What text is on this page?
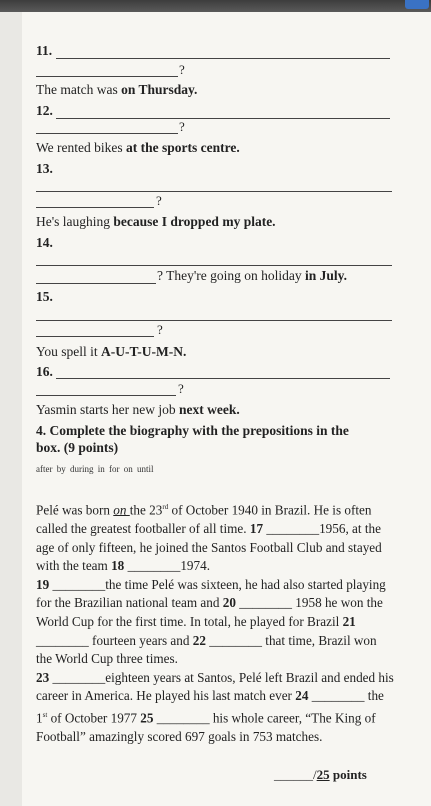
11.
?
The match was on Thursday.
12.
?
We rented bikes at the sports centre.
13.
?
He's laughing because I dropped my plate.
14.
? They're going on holiday in July.
15.
?
You spell it A-U-T-U-M-N.
16.
?
Yasmin starts her new job next week.
4. Complete the biography with the prepositions in the
box. (9 points)
after by during in for on until

Pelé was born on the 23rd of October 1940 in Brazil. He is often called the greatest footballer of all time. 17 ________1956, at the age of only fifteen, he joined the Santos Football Club and stayed with the team 18 ________1974.

19 ________the time Pelé was sixteen, he had also started playing for the Brazilian national team and 20 ________ 1958 he won the World Cup for the first time. In total, he played for Brazil 21 ________ fourteen years and 22 ________ that time, Brazil won the World Cup three times.

23 ________eighteen years at Santos, Pelé left Brazil and ended his career in America. He played his last match ever 24 ________ the 1st of October 1977 25 ________ his whole career, “The King of Football” amazingly scored 697 goals in 753 matches.

______/25 points
